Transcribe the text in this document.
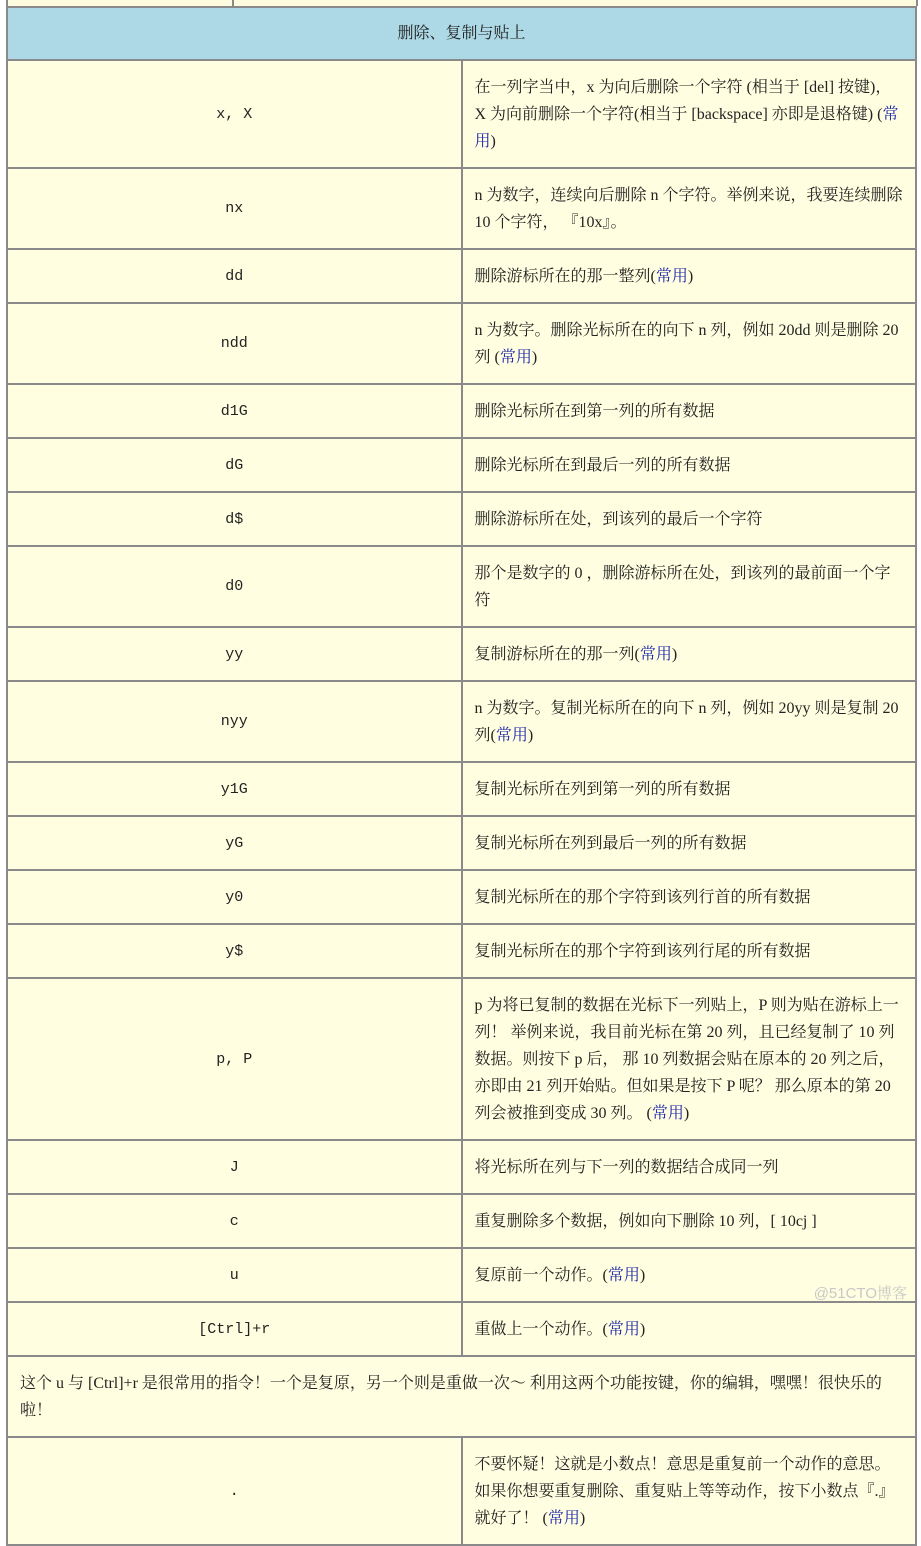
删除、复制与贴上	
x, X	在一列字当中，x 为向后删除一个字符 (相当于 [del] 按键)， X 为向前删除一个字符(相当于 [backspace] 亦即是退格键) (常用)
nx	n 为数字，连续向后删除 n 个字符。举例来说，我要连续删除 10 个字符， 『10x』。
dd	删除游标所在的那一整列(常用)
ndd	n 为数字。删除光标所在的向下 n 列，例如 20dd 则是删除 20 列 (常用)
d1G	删除光标所在到第一列的所有数据
dG	删除光标所在到最后一列的所有数据
d$	删除游标所在处，到该列的最后一个字符
d0	那个是数字的 0 ，删除游标所在处，到该列的最前面一个字符
yy	复制游标所在的那一列(常用)
nyy	n 为数字。复制光标所在的向下 n 列，例如 20yy 则是复制 20 列(常用)
y1G	复制光标所在列到第一列的所有数据
yG	复制光标所在列到最后一列的所有数据
y0	复制光标所在的那个字符到该列行首的所有数据
y$	复制光标所在的那个字符到该列行尾的所有数据
p, P	p 为将已复制的数据在光标下一列贴上，P 则为贴在游标上一列！ 举例来说，我目前光标在第 20 列，且已经复制了 10 列数据。则按下 p 后， 那 10 列数据会贴在原本的 20 列之后，亦即由 21 列开始贴。但如果是按下 P 呢？ 那么原本的第 20 列会被推到变成 30 列。 (常用)
J	将光标所在列与下一列的数据结合成同一列
c	重复删除多个数据，例如向下删除 10 列，[ 10cj ]
u	复原前一个动作。(常用)
[Ctrl]+r	重做上一个动作。(常用)
这个 u 与 [Ctrl]+r 是很常用的指令！一个是复原，另一个则是重做一次～ 利用这两个功能按键，你的编辑，嘿嘿！很快乐的啦！	
.	不要怀疑！这就是小数点！意思是重复前一个动作的意思。 如果你想要重复删除、重复贴上等等动作，按下小数点『.』就好了！ (常用)
@51CTO博客
